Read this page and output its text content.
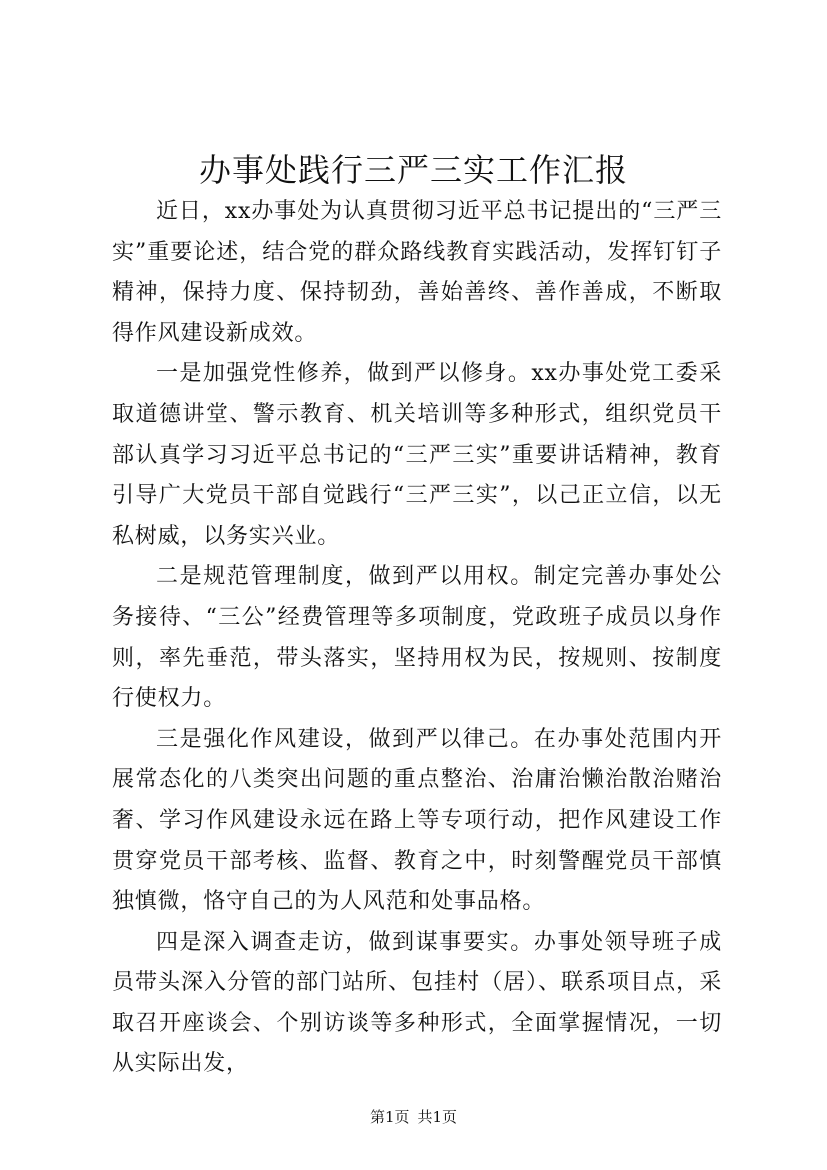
办事处践行三严三实工作汇报

近日，xx办事处为认真贯彻习近平总书记提出的“三严三实”重要论述，结合党的群众路线教育实践活动，发挥钉钉子精神，保持力度、保持韧劲，善始善终、善作善成，不断取得作风建设新成效。

一是加强党性修养，做到严以修身。xx办事处党工委采取道德讲堂、警示教育、机关培训等多种形式，组织党员干部认真学习习近平总书记的“三严三实”重要讲话精神，教育引导广大党员干部自觉践行“三严三实”，以己正立信，以无私树威，以务实兴业。

二是规范管理制度，做到严以用权。制定完善办事处公务接待、“三公”经费管理等多项制度，党政班子成员以身作则，率先垂范，带头落实，坚持用权为民，按规则、按制度行使权力。

三是强化作风建设，做到严以律己。在办事处范围内开展常态化的八类突出问题的重点整治、治庸治懒治散治赌治奢、学习作风建设永远在路上等专项行动，把作风建设工作贯穿党员干部考核、监督、教育之中，时刻警醒党员干部慎独慎微，恪守自己的为人风范和处事品格。

四是深入调查走访，做到谋事要实。办事处领导班子成员带头深入分管的部门站所、包挂村（居）、联系项目点，采取召开座谈会、个别访谈等多种形式，全面掌握情况，一切从实际出发，

第1页 共1页
